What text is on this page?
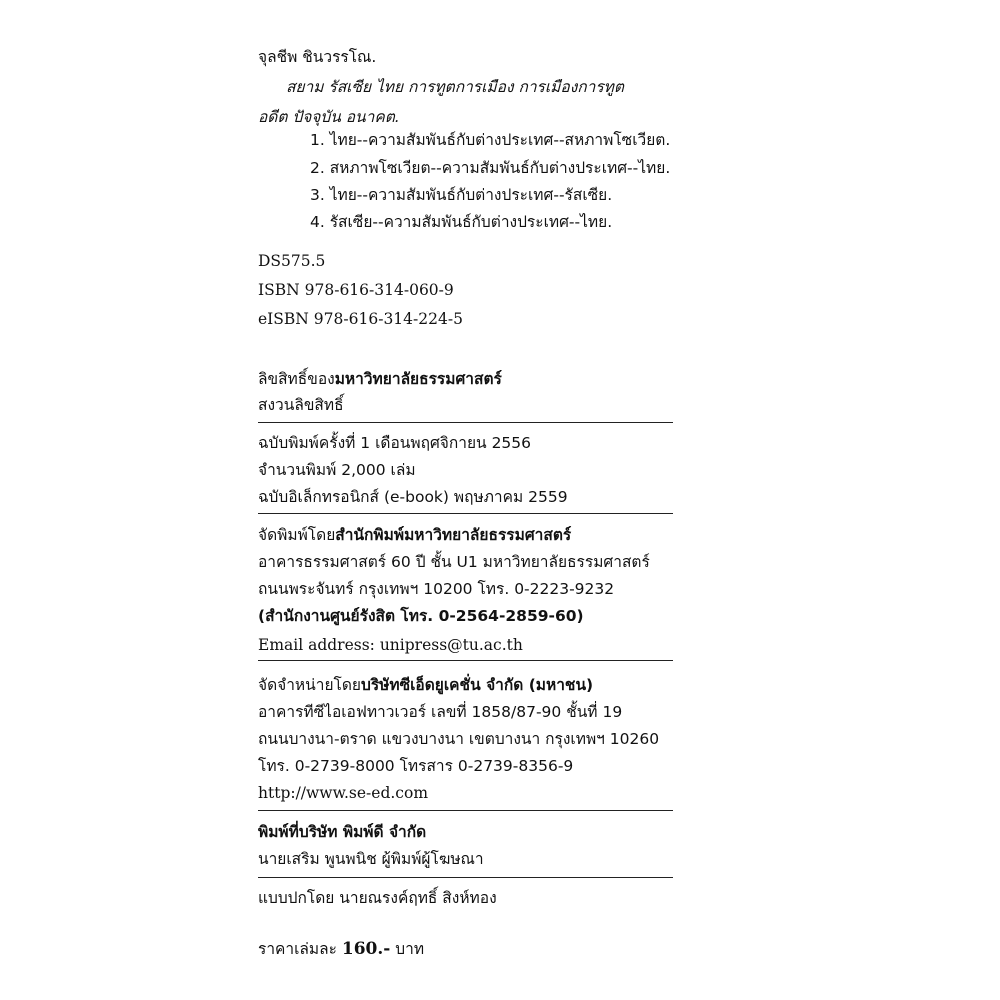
จุลชีพ ชินวรรโณ.
สยาม รัสเซีย ไทย การทูตการเมือง การเมืองการทูต
อดีต ปัจจุบัน อนาคต.
1. ไทย--ความสัมพันธ์กับต่างประเทศ--สหภาพโซเวียต.
2. สหภาพโซเวียต--ความสัมพันธ์กับต่างประเทศ--ไทย.
3. ไทย--ความสัมพันธ์กับต่างประเทศ--รัสเซีย.
4. รัสเซีย--ความสัมพันธ์กับต่างประเทศ--ไทย.
DS575.5
ISBN 978-616-314-060-9
eISBN 978-616-314-224-5
ลิขสิทธิ์ของมหาวิทยาลัยธรรมศาสตร์
สงวนลิขสิทธิ์
ฉบับพิมพ์ครั้งที่ 1 เดือนพฤศจิกายน 2556
จำนวนพิมพ์ 2,000 เล่ม
ฉบับอิเล็กทรอนิกส์ (e-book) พฤษภาคม 2559
จัดพิมพ์โดยสำนักพิมพ์มหาวิทยาลัยธรรมศาสตร์
อาคารธรรมศาสตร์ 60 ปี ชั้น U1 มหาวิทยาลัยธรรมศาสตร์
ถนนพระจันทร์ กรุงเทพฯ 10200 โทร. 0-2223-9232
(สำนักงานศูนย์รังสิต โทร. 0-2564-2859-60)
Email address: unipress@tu.ac.th
จัดจำหน่ายโดยบริษัทซีเอ็ดยูเคชั่น จำกัด (มหาชน)
อาคารทีซีไอเอฟทาวเวอร์ เลขที่ 1858/87-90 ชั้นที่ 19
ถนนบางนา-ตราด แขวงบางนา เขตบางนา กรุงเทพฯ 10260
โทร. 0-2739-8000 โทรสาร 0-2739-8356-9
http://www.se-ed.com
พิมพ์ที่บริษัท พิมพ์ดี จำกัด
นายเสริม พูนพนิช ผู้พิมพ์ผู้โฆษณา
แบบปกโดย นายณรงค์ฤทธิ์ สิงห์ทอง
ราคาเล่มละ 160.- บาท
